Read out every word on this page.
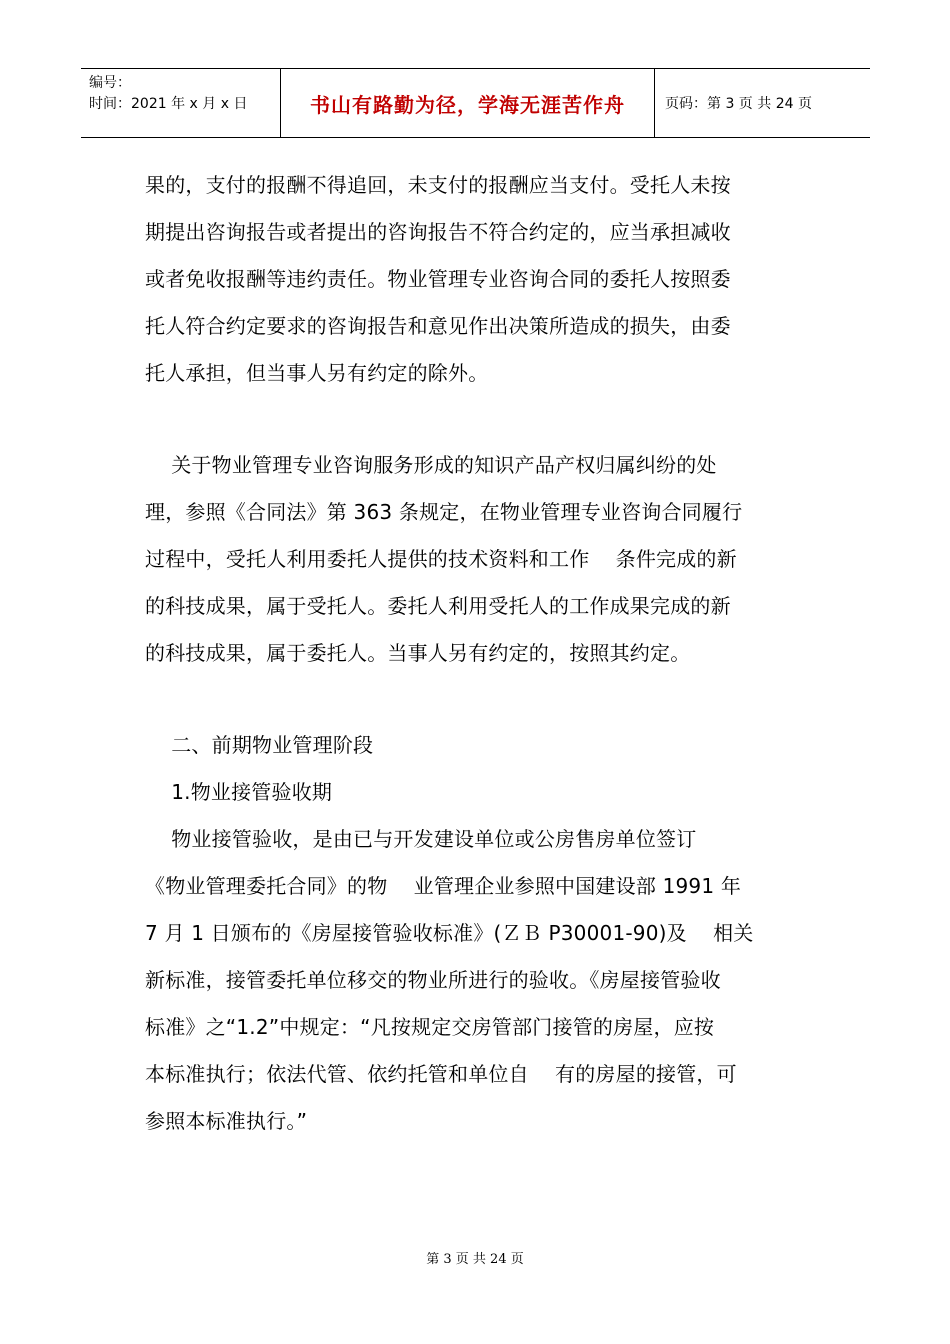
编号：
时间：2021 年 x 月 x 日	书山有路勤为径，学海无涯苦作舟	页码：第 3 页 共 24 页
果的，支付的报酬不得追回，未支付的报酬应当支付。受托人未按
期提出咨询报告或者提出的咨询报告不符合约定的，应当承担减收
或者免收报酬等违约责任。物业管理专业咨询合同的委托人按照委
托人符合约定要求的咨询报告和意见作出决策所造成的损失，由委
托人承担，但当事人另有约定的除外。
关于物业管理专业咨询服务形成的知识产品产权归属纠纷的处
理，参照《合同法》第 363 条规定，在物业管理专业咨询合同履行
过程中，受托人利用委托人提供的技术资料和工作    条件完成的新
的科技成果，属于受托人。委托人利用受托人的工作成果完成的新
的科技成果，属于委托人。当事人另有约定的，按照其约定。
二、前期物业管理阶段
1.物业接管验收期
物业接管验收，是由已与开发建设单位或公房售房单位签订
《物业管理委托合同》的物    业管理企业参照中国建设部 1991 年
7 月 1 日颁布的《房屋接管验收标准》(ＺＢ P30001-90)及    相关
新标准，接管委托单位移交的物业所进行的验收。《房屋接管验收
标准》之“1.2”中规定：“凡按规定交房管部门接管的房屋，应按
本标准执行；依法代管、依约托管和单位自    有的房屋的接管，可
参照本标准执行。”
第 3 页 共 24 页
